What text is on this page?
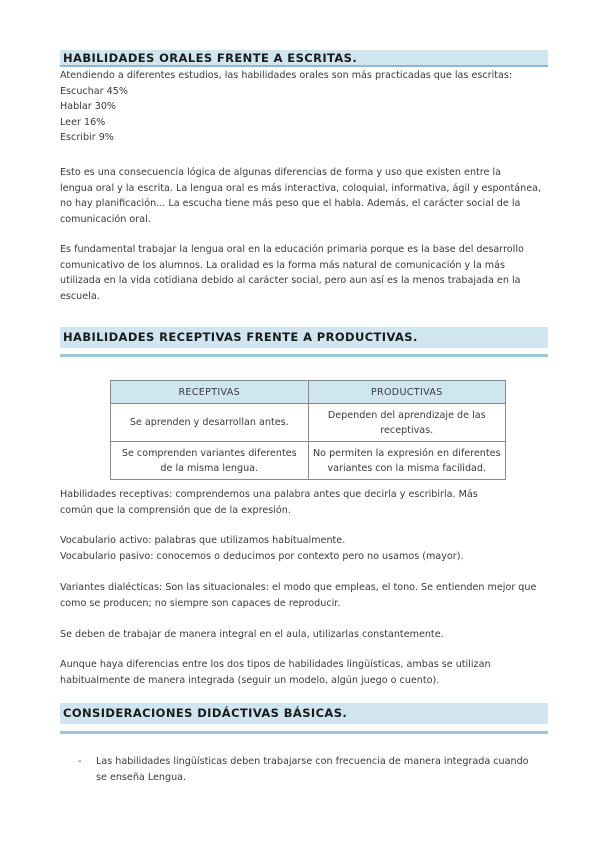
HABILIDADES ORALES FRENTE A ESCRITAS.

Atendiendo a diferentes estudios, las habilidades orales son más practicadas que las escritas:
Escuchar 45%
Hablar 30%
Leer 16%
Escribir 9%

Esto es una consecuencia lógica de algunas diferencias de forma y uso que existen entre la
lengua oral y la escrita. La lengua oral es más interactiva, coloquial, informativa, ágil y espontánea,
no hay planificación... La escucha tiene más peso que el habla. Además, el carácter social de la
comunicación oral.

Es fundamental trabajar la lengua oral en la educación primaria porque es la base del desarrollo
comunicativo de los alumnos. La oralidad es la forma más natural de comunicación y la más
utilizada en la vida cotidiana debido al carácter social, pero aun así es la menos trabajada en la
escuela.

HABILIDADES RECEPTIVAS FRENTE A PRODUCTIVAS.
RECEPTIVAS	PRODUCTIVAS
Se aprenden y desarrollan antes.	Dependen del aprendizaje de las receptivas.
Se comprenden variantes diferentes de la misma lengua.	No permiten la expresión en diferentes variantes con la misma facilidad.

Habilidades receptivas: comprendemos una palabra antes que decirla y escribirla. Más
común que la comprensión que de la expresión.

Vocabulario activo: palabras que utilizamos habitualmente.
Vocabulario pasivo: conocemos o deducimos por contexto pero no usamos (mayor).

Variantes dialécticas: Son las situacionales: el modo que empleas, el tono. Se entienden mejor que
como se producen; no siempre son capaces de reproducir.

Se deben de trabajar de manera integral en el aula, utilizarlas constantemente.

Aunque haya diferencias entre los dos tipos de habilidades lingüísticas, ambas se utilizan
habitualmente de manera integrada (seguir un modelo, algún juego o cuento).

CONSIDERACIONES DIDÁCTIVAS BÁSICAS.
- Las habilidades lingüísticas deben trabajarse con frecuencia de manera integrada cuando
se enseña Lengua.
